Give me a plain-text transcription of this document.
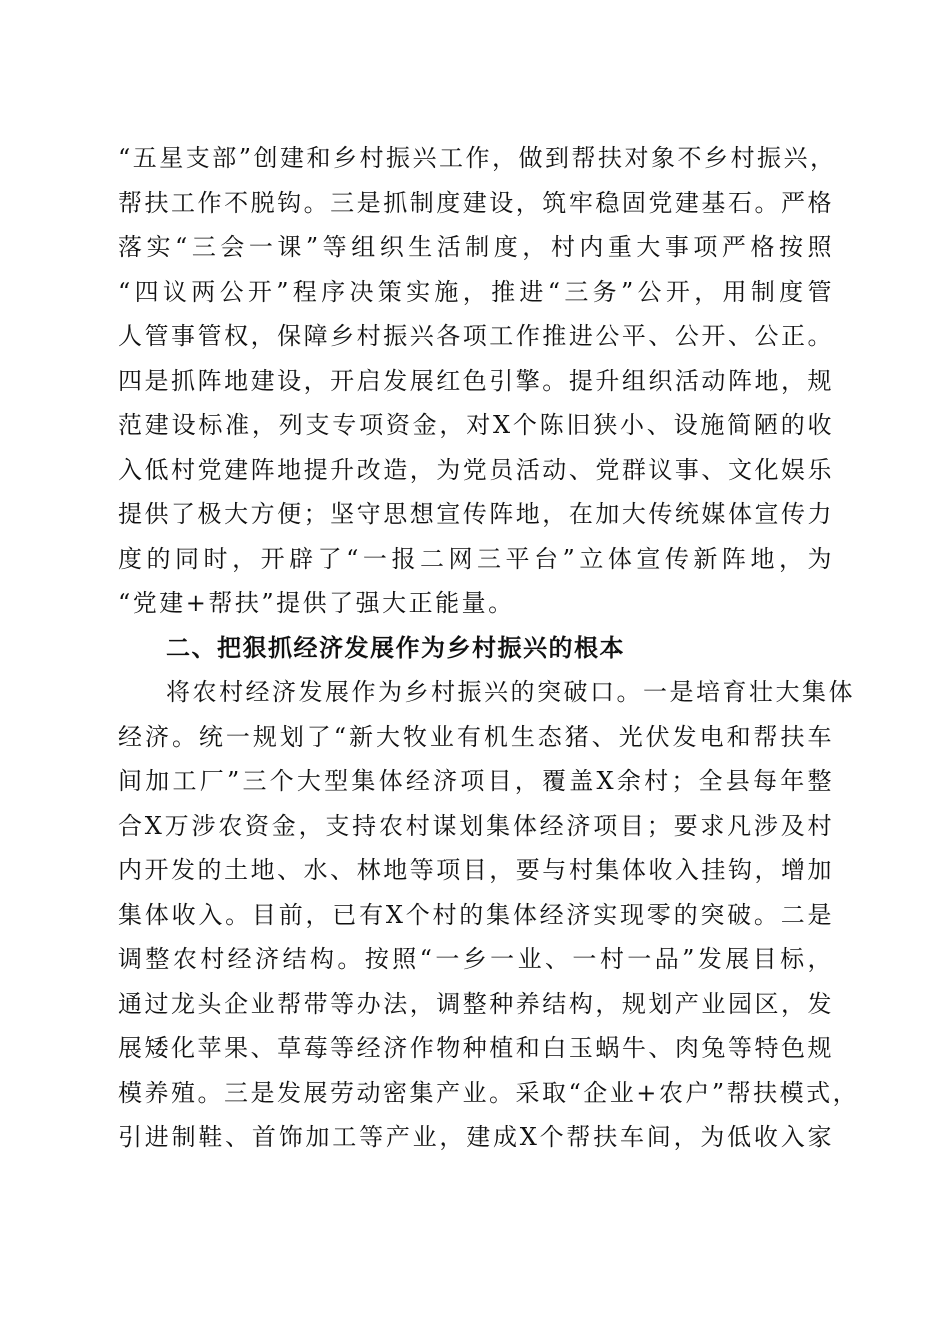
“五星支部”创建和乡村振兴工作，做到帮扶对象不乡村振兴，
帮扶工作不脱钩。三是抓制度建设，筑牢稳固党建基石。严格
落实“三会一课”等组织生活制度，村内重大事项严格按照
“四议两公开”程序决策实施，推进“三务”公开，用制度管
人管事管权，保障乡村振兴各项工作推进公平、公开、公正。
四是抓阵地建设，开启发展红色引擎。提升组织活动阵地，规
范建设标准，列支专项资金，对X个陈旧狭小、设施简陋的收
入低村党建阵地提升改造，为党员活动、党群议事、文化娱乐
提供了极大方便；坚守思想宣传阵地，在加大传统媒体宣传力
度的同时，开辟了“一报二网三平台”立体宣传新阵地，为
“党建+帮扶”提供了强大正能量。
二、把狠抓经济发展作为乡村振兴的根本
将农村经济发展作为乡村振兴的突破口。一是培育壮大集体
经济。统一规划了“新大牧业有机生态猪、光伏发电和帮扶车
间加工厂”三个大型集体经济项目，覆盖X余村；全县每年整
合X万涉农资金，支持农村谋划集体经济项目；要求凡涉及村
内开发的土地、水、林地等项目，要与村集体收入挂钩，增加
集体收入。目前，已有X个村的集体经济实现零的突破。二是
调整农村经济结构。按照“一乡一业、一村一品”发展目标，
通过龙头企业帮带等办法，调整种养结构，规划产业园区，发
展矮化苹果、草莓等经济作物种植和白玉蜗牛、肉兔等特色规
模养殖。三是发展劳动密集产业。采取“企业+农户”帮扶模式，
引进制鞋、首饰加工等产业，建成X个帮扶车间，为低收入家
